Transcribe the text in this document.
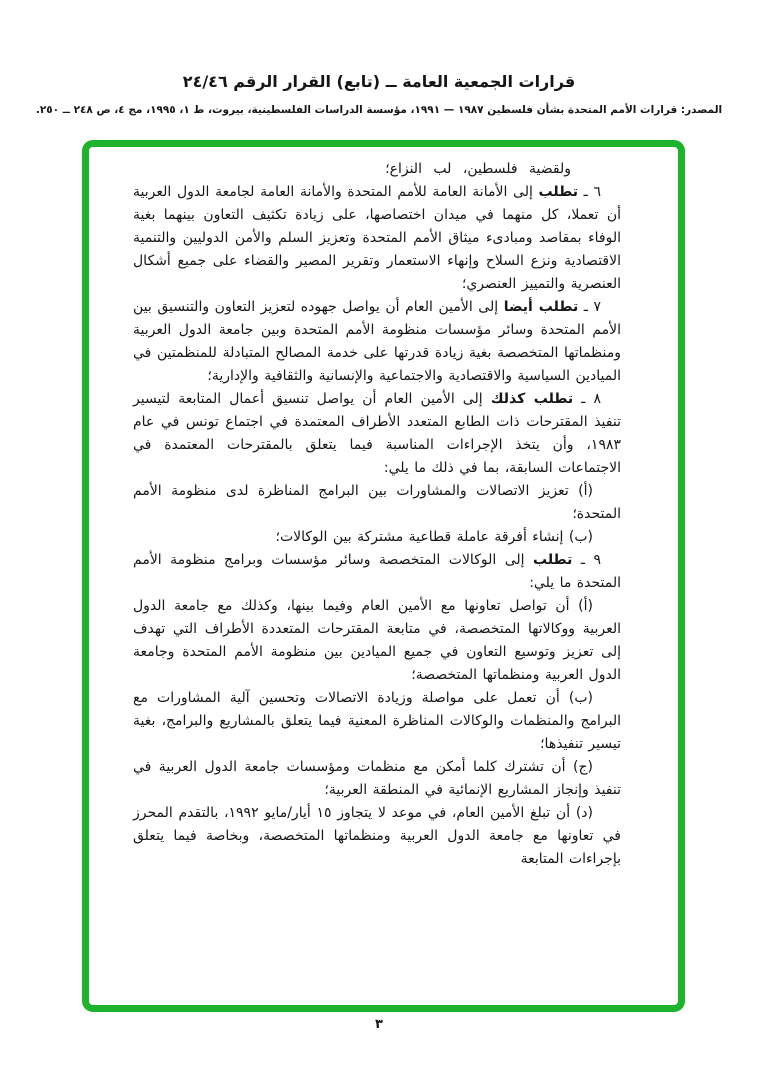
قرارات الجمعية العامة ــ (تابع) القرار الرقم ٢٤/٤٦
المصدر: قرارات الأمم المتحدة بشأن فلسطين ١٩٨٧ — ١٩٩١، مؤسسة الدراسات الفلسطينية، بيروت، ط ١، ١٩٩٥، مج ٤، ص ٢٤٨ ــ ٢٥٠.

ولقضية فلسطين، لب النزاع؛

٦ ـ تطلب إلى الأمانة العامة للأمم المتحدة والأمانة العامة لجامعة الدول العربية أن تعملا، كل منهما في ميدان اختصاصها، على زيادة تكثيف التعاون بينهما بغية الوفاء بمقاصد ومبادىء ميثاق الأمم المتحدة وتعزيز السلم والأمن الدوليين والتنمية الاقتصادية ونزع السلاح وإنهاء الاستعمار وتقرير المصير والقضاء على جميع أشكال العنصرية والتمييز العنصري؛

٧ ـ تطلب أيضا إلى الأمين العام أن يواصل جهوده لتعزيز التعاون والتنسيق بين الأمم المتحدة وسائر مؤسسات منظومة الأمم المتحدة وبين جامعة الدول العربية ومنظماتها المتخصصة بغية زيادة قدرتها على خدمة المصالح المتبادلة للمنظمتين في الميادين السياسية والاقتصادية والاجتماعية والإنسانية والثقافية والإدارية؛

٨ ـ تطلب كذلك إلى الأمين العام أن يواصل تنسيق أعمال المتابعة لتيسير تنفيذ المقترحات ذات الطابع المتعدد الأطراف المعتمدة في اجتماع تونس في عام ١٩٨٣، وأن يتخذ الإجراءات المناسبة فيما يتعلق بالمقترحات المعتمدة في الاجتماعات السابقة، بما في ذلك ما يلي:

(أ) تعزيز الاتصالات والمشاورات بين البرامج المناظرة لدى منظومة الأمم المتحدة؛

(ب) إنشاء أفرقة عاملة قطاعية مشتركة بين الوكالات؛

٩ ـ تطلب إلى الوكالات المتخصصة وسائر مؤسسات وبرامج منظومة الأمم المتحدة ما يلي:

(أ) أن تواصل تعاونها مع الأمين العام وفيما بينها، وكذلك مع جامعة الدول العربية ووكالاتها المتخصصة، في متابعة المقترحات المتعددة الأطراف التي تهدف إلى تعزيز وتوسيع التعاون في جميع الميادين بين منظومة الأمم المتحدة وجامعة الدول العربية ومنظماتها المتخصصة؛

(ب) أن تعمل على مواصلة وزيادة الاتصالات وتحسين آلية المشاورات مع البرامج والمنظمات والوكالات المناظرة المعنية فيما يتعلق بالمشاريع والبرامج، بغية تيسير تنفيذها؛

(ج) أن تشترك كلما أمكن مع منظمات ومؤسسات جامعة الدول العربية في تنفيذ وإنجاز المشاريع الإنمائية في المنطقة العربية؛

(د) أن تبلغ الأمين العام، في موعد لا يتجاوز ١٥ أيار/مايو ١٩٩٢، بالتقدم المحرز في تعاونها مع جامعة الدول العربية ومنظماتها المتخصصة، وبخاصة فيما يتعلق بإجراءات المتابعة

٣
